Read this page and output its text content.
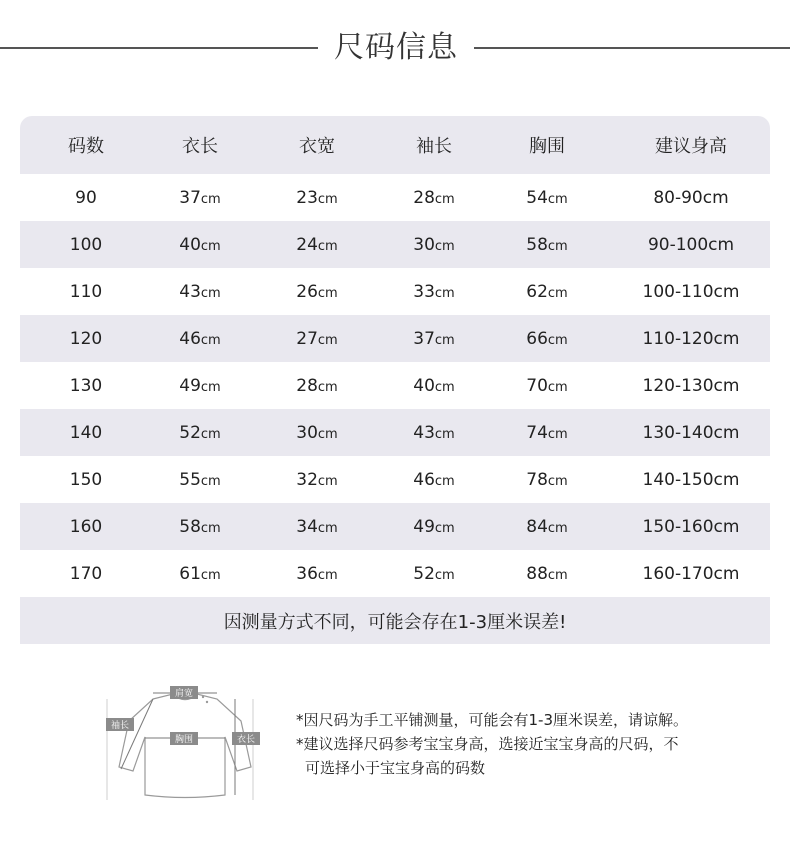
尺码信息
码数	衣长	衣宽	袖长	胸围	建议身高
90	37cm	23cm	28cm	54cm	80-90cm
100	40cm	24cm	30cm	58cm	90-100cm
110	43cm	26cm	33cm	62cm	100-110cm
120	46cm	27cm	37cm	66cm	110-120cm
130	49cm	28cm	40cm	70cm	120-130cm
140	52cm	30cm	43cm	74cm	130-140cm
150	55cm	32cm	46cm	78cm	140-150cm
160	58cm	34cm	49cm	84cm	150-160cm
170	61cm	36cm	52cm	88cm	160-170cm
因测量方式不同，可能会存在1-3厘米误差!
肩宽
袖长
胸围	衣长

*因尺码为手工平铺测量，可能会有1-3厘米误差，请谅解。

*建议选择尺码参考宝宝身高，选接近宝宝身高的尺码，不

可选择小于宝宝身高的码数
